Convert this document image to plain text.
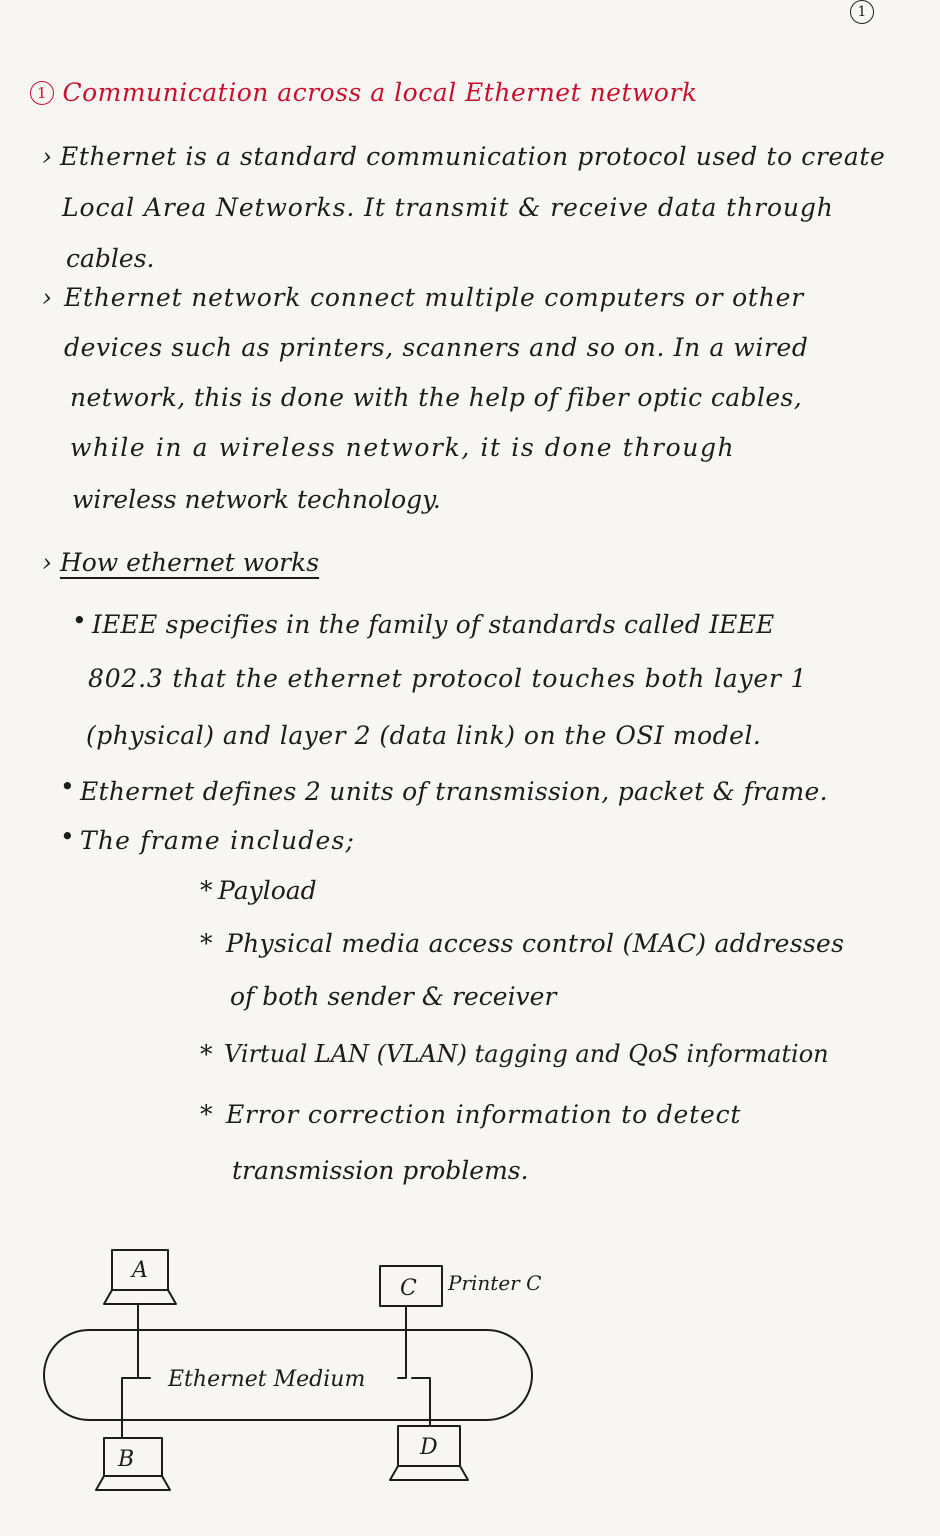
1
1 Communication across a local Ethernet network
› Ethernet is a standard communication protocol used to create
Local Area Networks. It transmit & receive data through
cables.
› Ethernet network connect multiple computers or other
devices such as printers, scanners and so on. In a wired
network, this is done with the help of fiber optic cables,
while in a wireless network, it is done through
wireless network technology.
› How ethernet works
• IEEE specifies in the family of standards called IEEE
802.3 that the ethernet protocol touches both layer 1
(physical) and layer 2 (data link) on the OSI model.
• Ethernet defines 2 units of transmission, packet & frame.
• The frame includes;
* Payload
* Physical media access control (MAC) addresses
of both sender & receiver
* Virtual LAN (VLAN) tagging and QoS information
* Error correction information to detect
transmission problems.
A
C
B	D
Printer C
Ethernet Medium
